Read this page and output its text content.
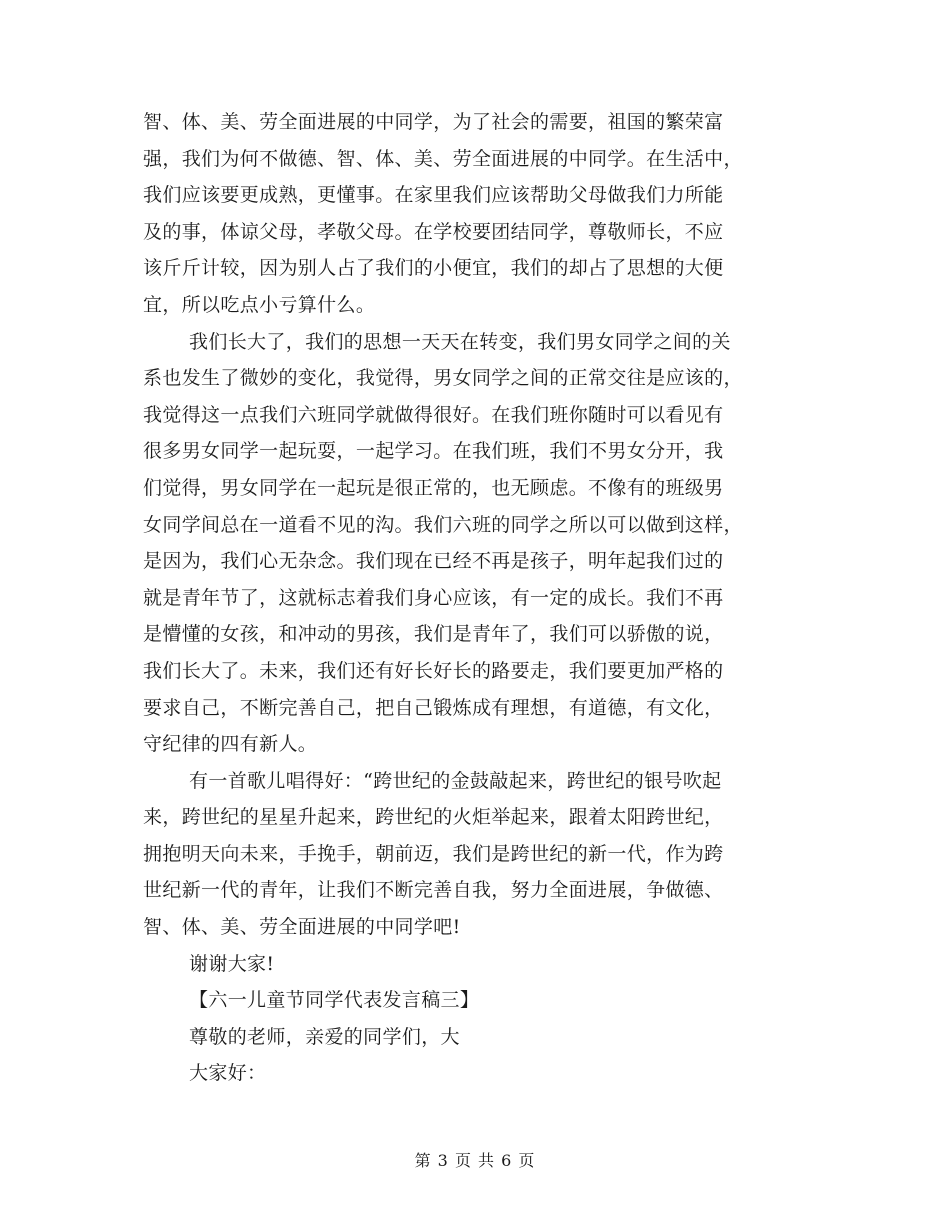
智、体、美、劳全面进展的中同学，为了社会的需要，祖国的繁荣富
强，我们为何不做德、智、体、美、劳全面进展的中同学。在生活中，
我们应该要更成熟，更懂事。在家里我们应该帮助父母做我们力所能
及的事，体谅父母，孝敬父母。在学校要团结同学，尊敬师长，不应
该斤斤计较，因为别人占了我们的小便宜，我们的却占了思想的大便
宜，所以吃点小亏算什么。
我们长大了，我们的思想一天天在转变，我们男女同学之间的关
系也发生了微妙的变化，我觉得，男女同学之间的正常交往是应该的，
我觉得这一点我们六班同学就做得很好。在我们班你随时可以看见有
很多男女同学一起玩耍，一起学习。在我们班，我们不男女分开，我
们觉得，男女同学在一起玩是很正常的，也无顾虑。不像有的班级男
女同学间总在一道看不见的沟。我们六班的同学之所以可以做到这样，
是因为，我们心无杂念。我们现在已经不再是孩子，明年起我们过的
就是青年节了，这就标志着我们身心应该，有一定的成长。我们不再
是懵懂的女孩，和冲动的男孩，我们是青年了，我们可以骄傲的说，
我们长大了。未来，我们还有好长好长的路要走，我们要更加严格的
要求自己，不断完善自己，把自己锻炼成有理想，有道德，有文化，
守纪律的四有新人。
有一首歌儿唱得好：“跨世纪的金鼓敲起来，跨世纪的银号吹起
来，跨世纪的星星升起来，跨世纪的火炬举起来，跟着太阳跨世纪，
拥抱明天向未来，手挽手，朝前迈，我们是跨世纪的新一代，作为跨
世纪新一代的青年，让我们不断完善自我，努力全面进展，争做德、
智、体、美、劳全面进展的中同学吧!
谢谢大家!
【六一儿童节同学代表发言稿三】
尊敬的老师，亲爱的同学们，大
大家好：
第 3 页 共 6 页
